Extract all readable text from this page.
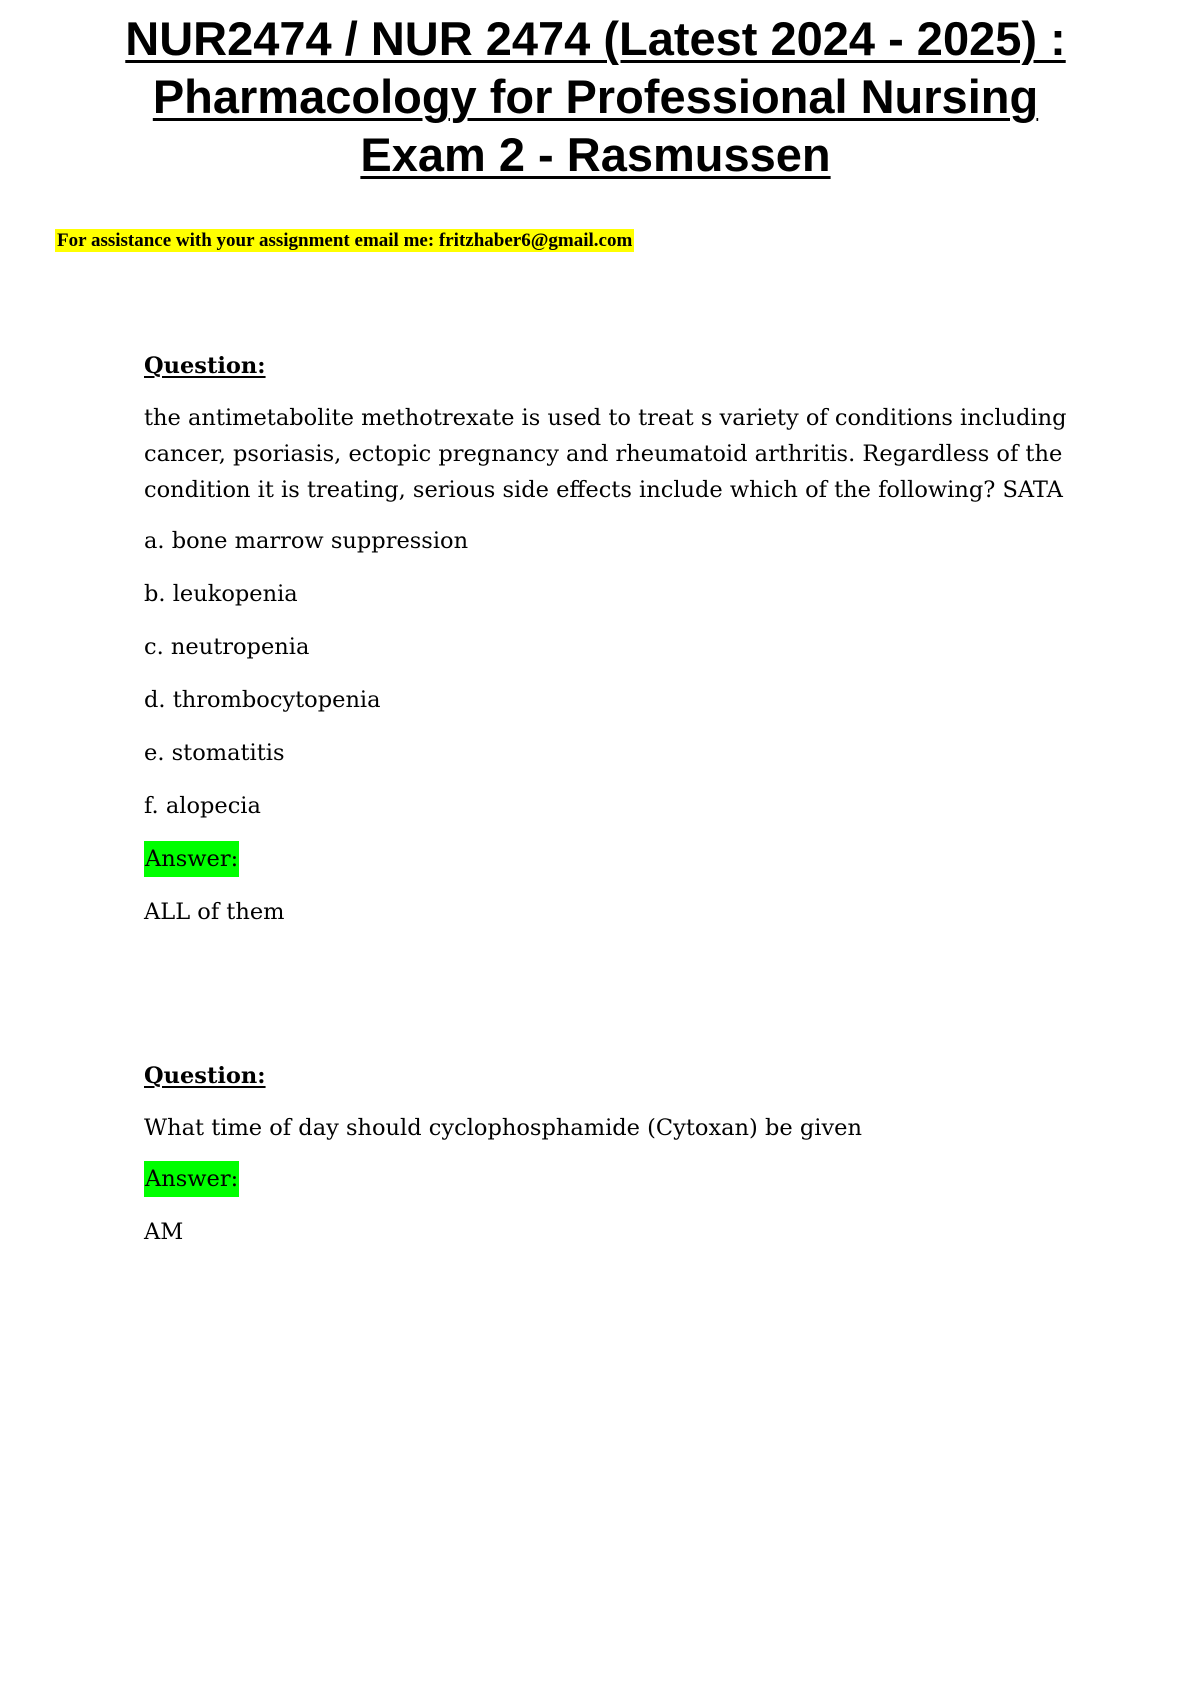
NUR2474 / NUR 2474 (Latest 2024 - 2025) :
Pharmacology for Professional Nursing
Exam 2 - Rasmussen
For assistance with your assignment email me: fritzhaber6@gmail.com
Question:
the antimetabolite methotrexate is used to treat s variety of conditions including cancer, psoriasis, ectopic pregnancy and rheumatoid arthritis. Regardless of the condition it is treating, serious side effects include which of the following? SATA
a. bone marrow suppression
b. leukopenia
c. neutropenia
d. thrombocytopenia
e. stomatitis
f. alopecia
Answer:
ALL of them
Question:
What time of day should cyclophosphamide (Cytoxan) be given
Answer:
AM
